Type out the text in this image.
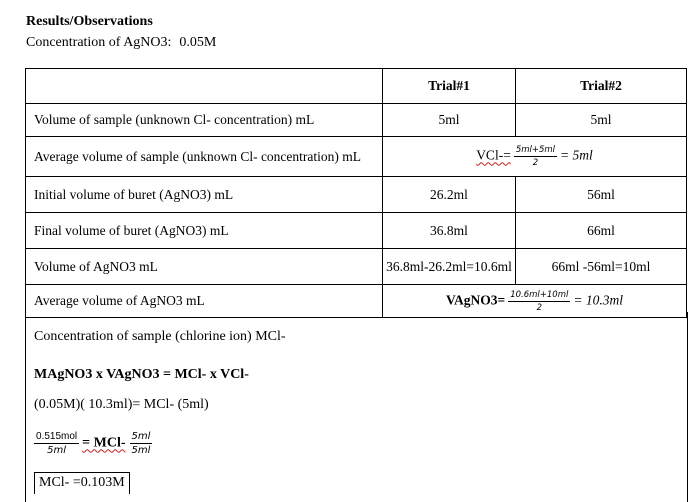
Results/Observations
Concentration of AgNO3: 0.05M
	Trial#1	Trial#2
Volume of sample (unknown Cl- concentration) mL	5ml	5ml
Average volume of sample (unknown Cl- concentration) mL	$VCl-= \frac{5ml+5ml}{2} = 5ml$	
Initial volume of buret (AgNO3) mL	26.2ml	56ml
Final volume of buret (AgNO3) mL	36.8ml	66ml
Volume of AgNO3 mL	36.8ml-26.2ml=10.6ml	66ml -56ml=10ml
Average volume of AgNO3 mL	VAgNO3= $\frac{10.6ml+10ml}{2} = 10.3ml$	
Concentration of sample (chlorine ion) MCl-
MAgNO3 x VAgNO3 = MCl- x VCl-
(0.05M)( 10.3ml)= MCl- (5ml)
0.515mol
5ml	= $MCl- \frac{5ml}{5ml}$
MCl- =0.103M
